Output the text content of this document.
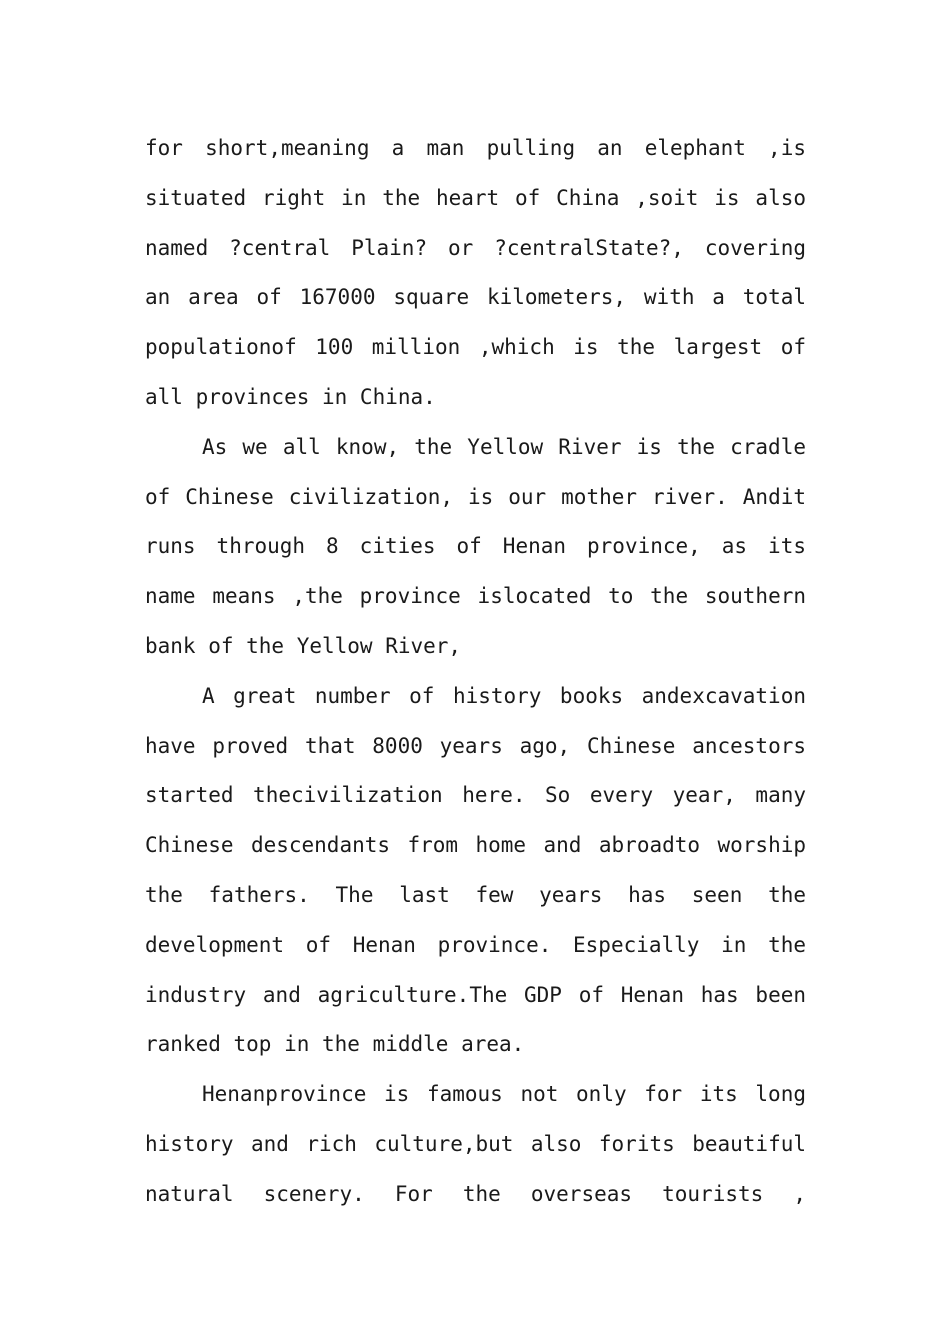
for short,meaning a man pulling an elephant ,is
situated right in the heart of China ,soit is also
named ?central Plain? or ?centralState?, covering
an area of 167000 square kilometers, with a total
populationof 100 million ,which is the largest of
all provinces in China.
As we all know, the Yellow River is the cradle
of Chinese civilization, is our mother river. Andit
runs through 8 cities of Henan province, as its
name means ,the province islocated to the southern
bank of the Yellow River,
A great number of history books andexcavation
have proved that 8000 years ago, Chinese ancestors
started thecivilization here. So every year, many
Chinese descendants from home and abroadto worship
the fathers. The last few years has seen the
development of Henan province. Especially in the
industry and agriculture.The GDP of Henan has been
ranked top in the middle area.
Henanprovince is famous not only for its long
history and rich culture,but also forits beautiful
natural scenery. For the overseas tourists ,
